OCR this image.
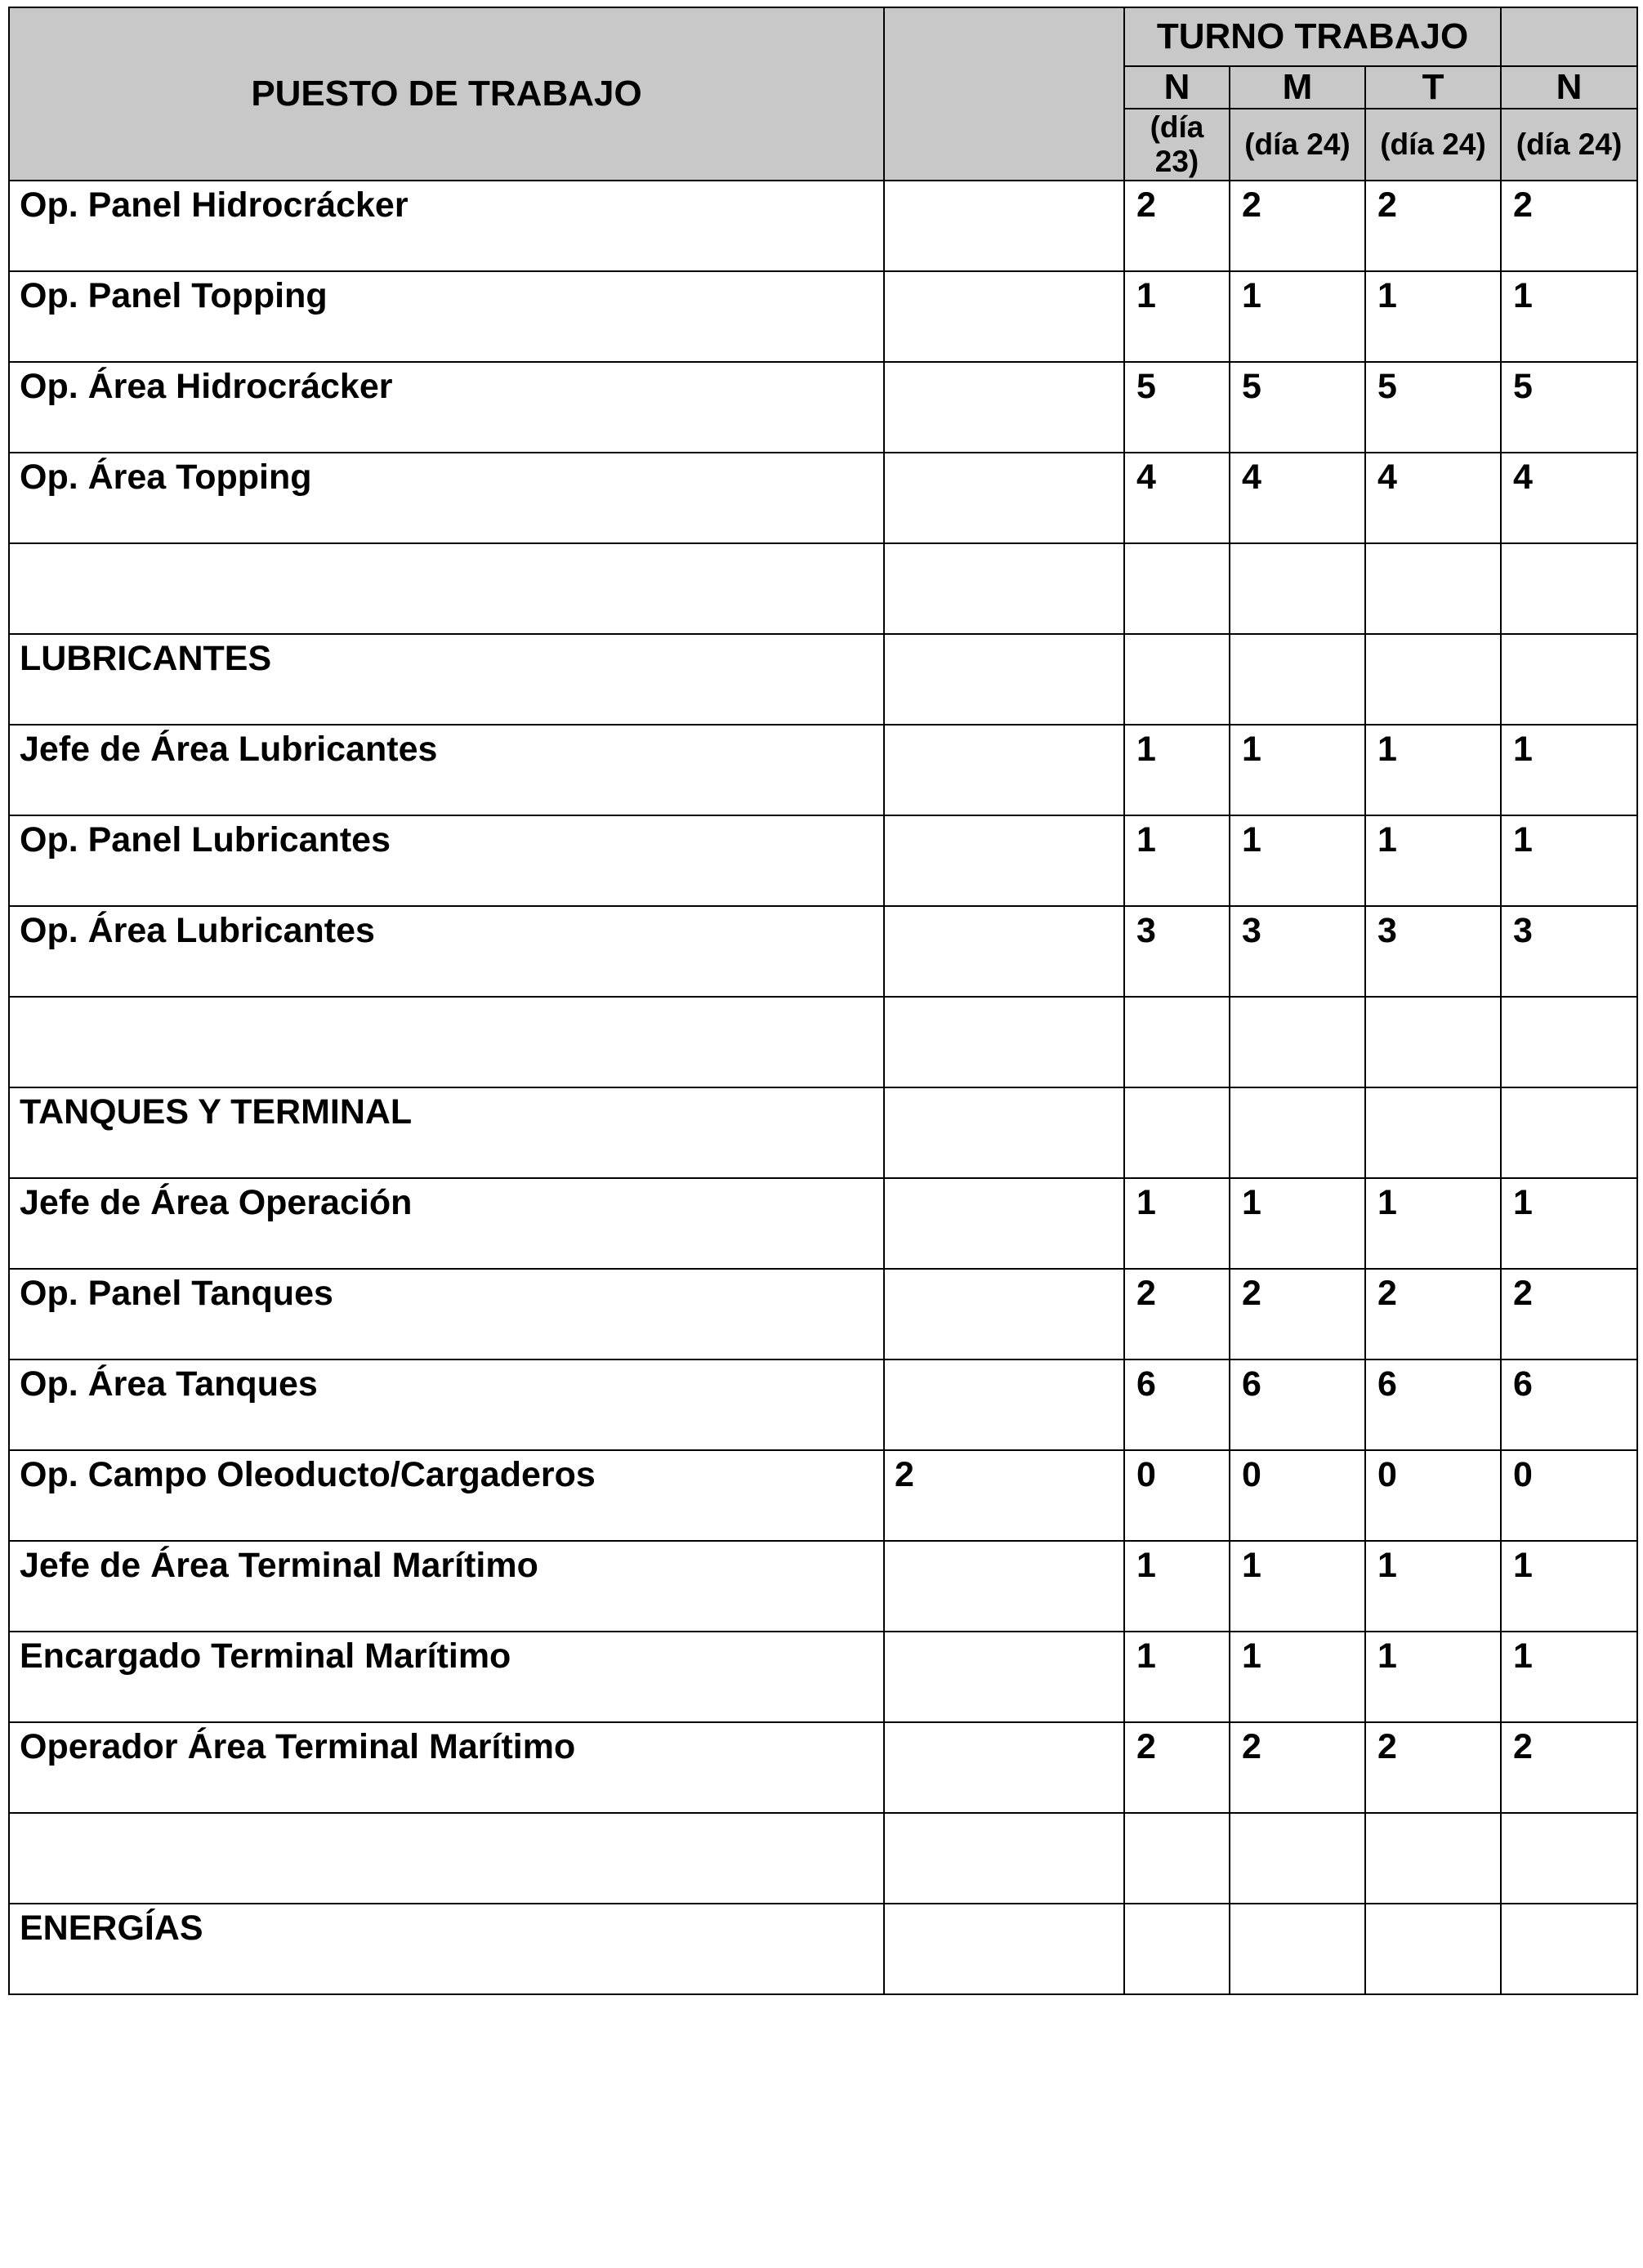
PUESTO DE TRABAJO		TURNO TRABAJO			
		N	M	T	N
		(día 23)	(día 24)	(día 24)	(día 24)
Op. Panel Hidrocrácker		2	2	2	2
Op. Panel Topping		1	1	1	1
Op. Área Hidrocrácker		5	5	5	5
Op. Área Topping		4	4	4	4

LUBRICANTES					
Jefe de Área Lubricantes		1	1	1	1
Op. Panel Lubricantes		1	1	1	1
Op. Área Lubricantes		3	3	3	3

TANQUES Y TERMINAL					
Jefe de Área Operación		1	1	1	1
Op. Panel Tanques		2	2	2	2
Op. Área Tanques		6	6	6	6
Op. Campo Oleoducto/Cargaderos	2	0	0	0	0
Jefe de Área Terminal Marítimo		1	1	1	1
Encargado Terminal Marítimo		1	1	1	1
Operador Área Terminal Marítimo		2	2	2	2

ENERGÍAS					
